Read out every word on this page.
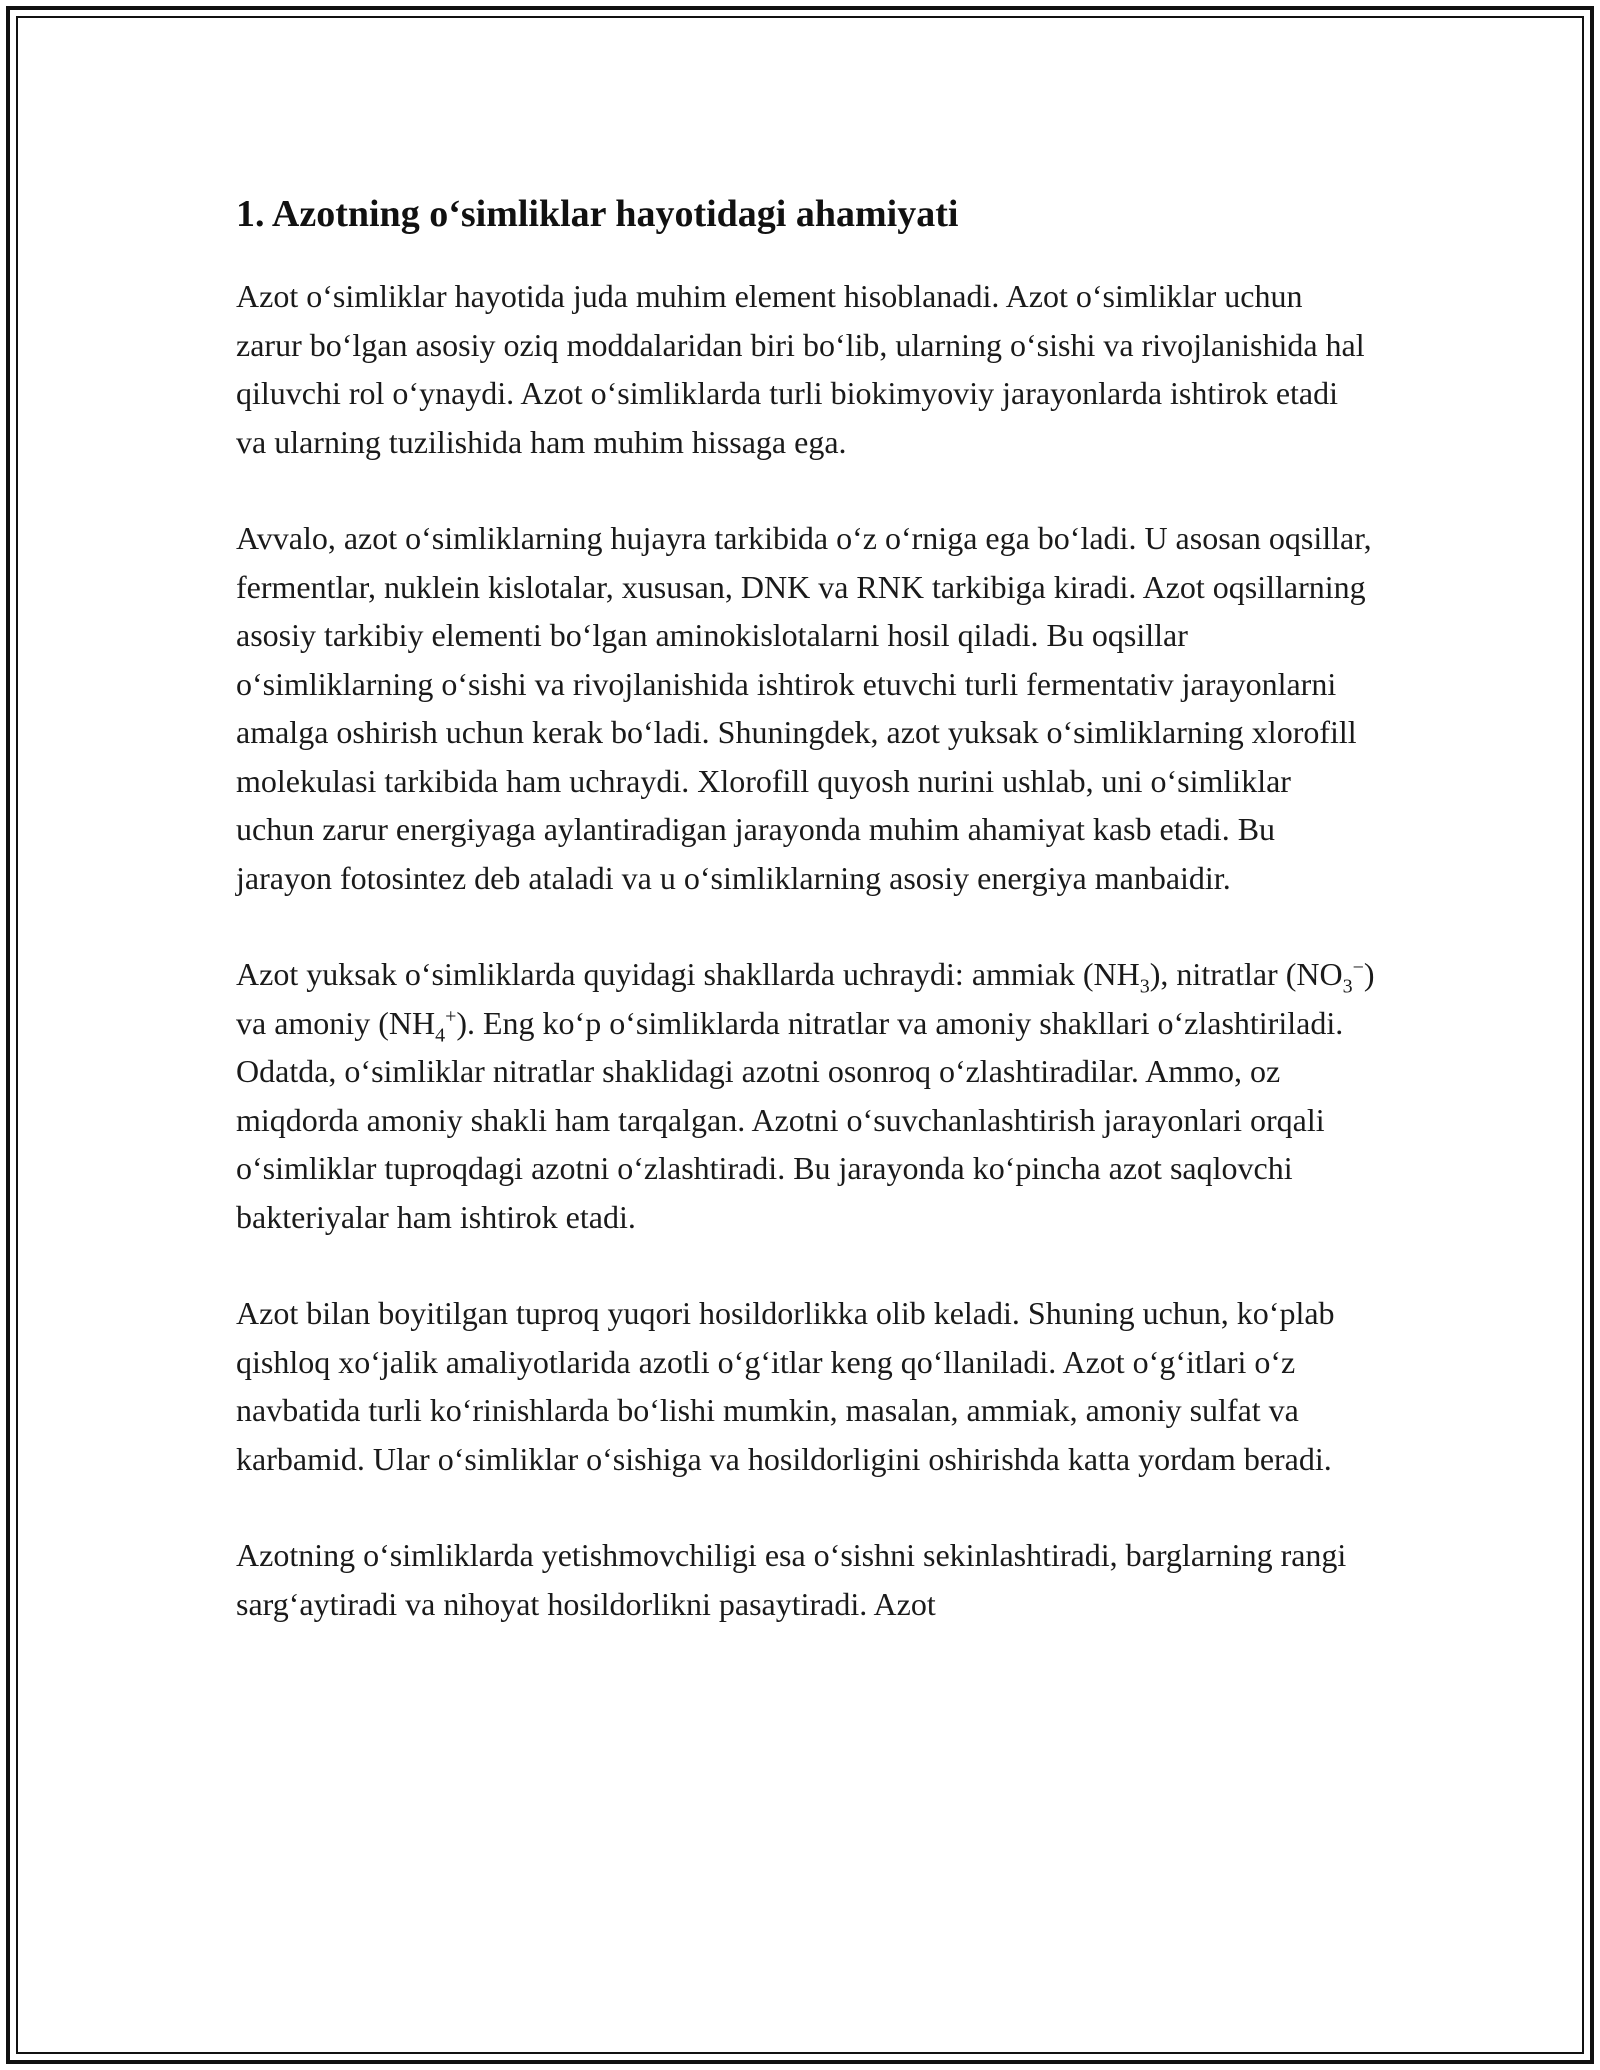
1. Azotning o‘simliklar hayotidagi ahamiyati

Azot o‘simliklar hayotida juda muhim element hisoblanadi. Azot o‘simliklar uchun zarur bo‘lgan asosiy oziq moddalaridan biri bo‘lib, ularning o‘sishi va rivojlanishida hal qiluvchi rol o‘ynaydi. Azot o‘simliklarda turli biokimyoviy jarayonlarda ishtirok etadi va ularning tuzilishida ham muhim hissaga ega.

Avvalo, azot o‘simliklarning hujayra tarkibida o‘z o‘rniga ega bo‘ladi. U asosan oqsillar, fermentlar, nuklein kislotalar, xususan, DNK va RNK tarkibiga kiradi. Azot oqsillarning asosiy tarkibiy elementi bo‘lgan aminokislotalarni hosil qiladi. Bu oqsillar o‘simliklarning o‘sishi va rivojlanishida ishtirok etuvchi turli fermentativ jarayonlarni amalga oshirish uchun kerak bo‘ladi. Shuningdek, azot yuksak o‘simliklarning xlorofill molekulasi tarkibida ham uchraydi. Xlorofill quyosh nurini ushlab, uni o‘simliklar uchun zarur energiyaga aylantiradigan jarayonda muhim ahamiyat kasb etadi. Bu jarayon fotosintez deb ataladi va u o‘simliklarning asosiy energiya manbaidir.

Azot yuksak o‘simliklarda quyidagi shakllarda uchraydi: ammiak $(NH_3)$, nitratlar $(NO_3^-)$ va amoniy $(NH_4^+)$. Eng ko‘p o‘simliklarda nitratlar va amoniy shakllari o‘zlashtiriladi. Odatda, o‘simliklar nitratlar shaklidagi azotni osonroq o‘zlashtiradilar. Ammo, oz miqdorda amoniy shakli ham tarqalgan. Azotni o‘suvchanlashtirish jarayonlari orqali o‘simliklar tuproqdagi azotni o‘zlashtiradi. Bu jarayonda ko‘pincha azot saqlovchi bakteriyalar ham ishtirok etadi.

Azot bilan boyitilgan tuproq yuqori hosildorlikka olib keladi. Shuning uchun, ko‘plab qishloq xo‘jalik amaliyotlarida azotli o‘g‘itlar keng qo‘llaniladi. Azot o‘g‘itlari o‘z navbatida turli ko‘rinishlarda bo‘lishi mumkin, masalan, ammiak, amoniy sulfat va karbamid. Ular o‘simliklar o‘sishiga va hosildorligini oshirishda katta yordam beradi.

Azotning o‘simliklarda yetishmovchiligi esa o‘sishni sekinlashtiradi, barglarning rangi sarg‘aytiradi va nihoyat hosildorlikni pasaytiradi. Azot
